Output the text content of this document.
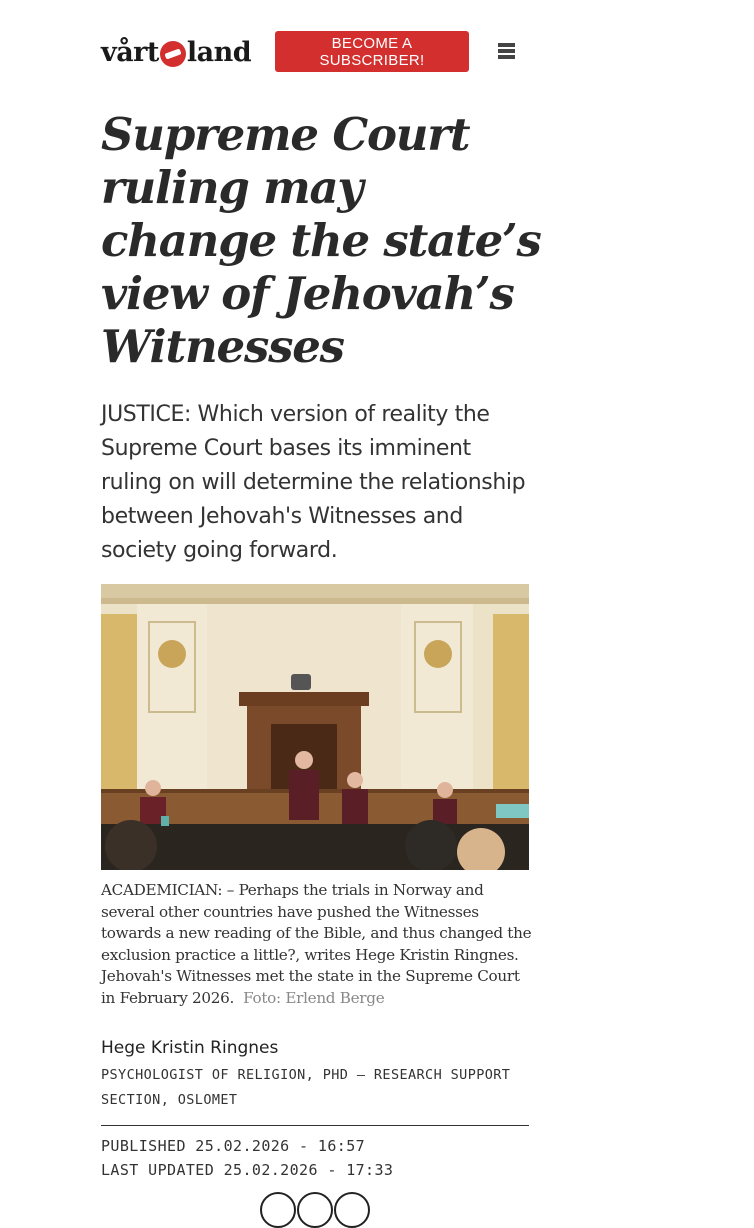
vårt land	BECOME A SUBSCRIBER!
Supreme Court ruling may change the state’s view of Jehovah’s Witnesses

JUSTICE: Which version of reality the Supreme Court bases its imminent ruling on will determine the relationship between Jehovah's Witnesses and society going forward.

ACADEMICIAN: – Perhaps the trials in Norway and several other countries have pushed the Witnesses towards a new reading of the Bible, and thus changed the exclusion practice a little?, writes Hege Kristin Ringnes. Jehovah's Witnesses met the state in the Supreme Court in February 2026. Foto: Erlend Berge

Hege Kristin Ringnes

PSYCHOLOGIST OF RELIGION, PHD – RESEARCH SUPPORT SECTION, OSLOMET

PUBLISHED 25.02.2026 - 16:57
LAST UPDATED 25.02.2026 - 17:33
